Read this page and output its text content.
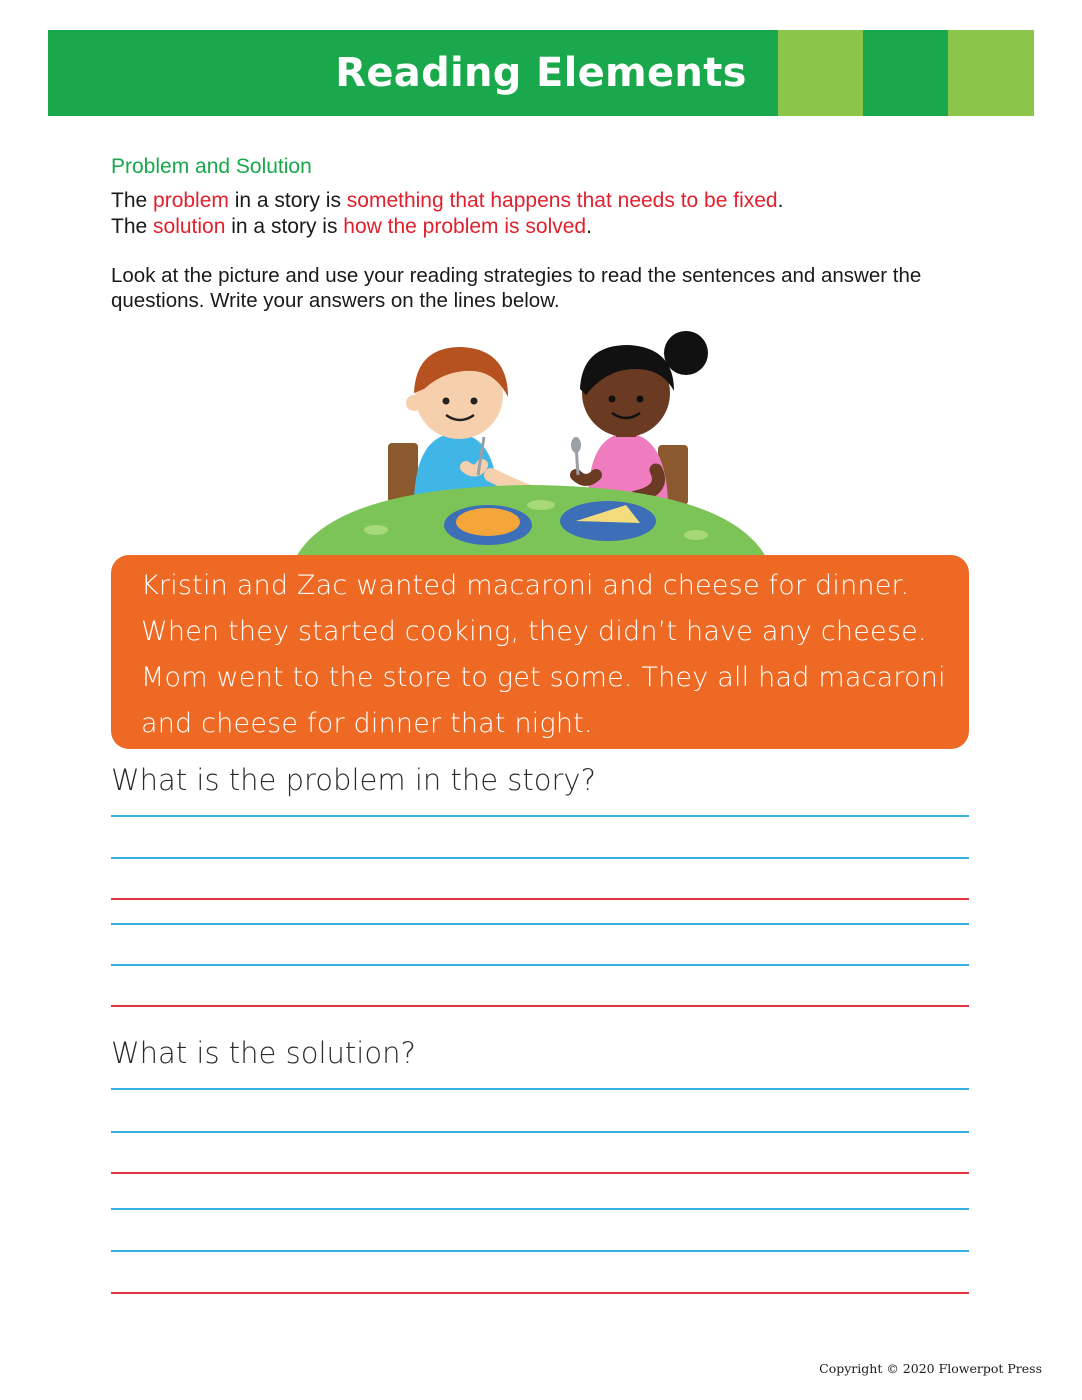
Reading Elements
Problem and Solution
The problem in a story is something that happens that needs to be fixed.
The solution in a story is how the problem is solved.
Look at the picture and use your reading strategies to read the sentences and answer the questions. Write your answers on the lines below.
Kristin and Zac wanted macaroni and cheese for dinner.
When they started cooking, they didn’t have any cheese.
Mom went to the store to get some. They all had macaroni
and cheese for dinner that night.
What is the problem in the story?
What is the solution?
Copyright © 2020 Flowerpot Press
